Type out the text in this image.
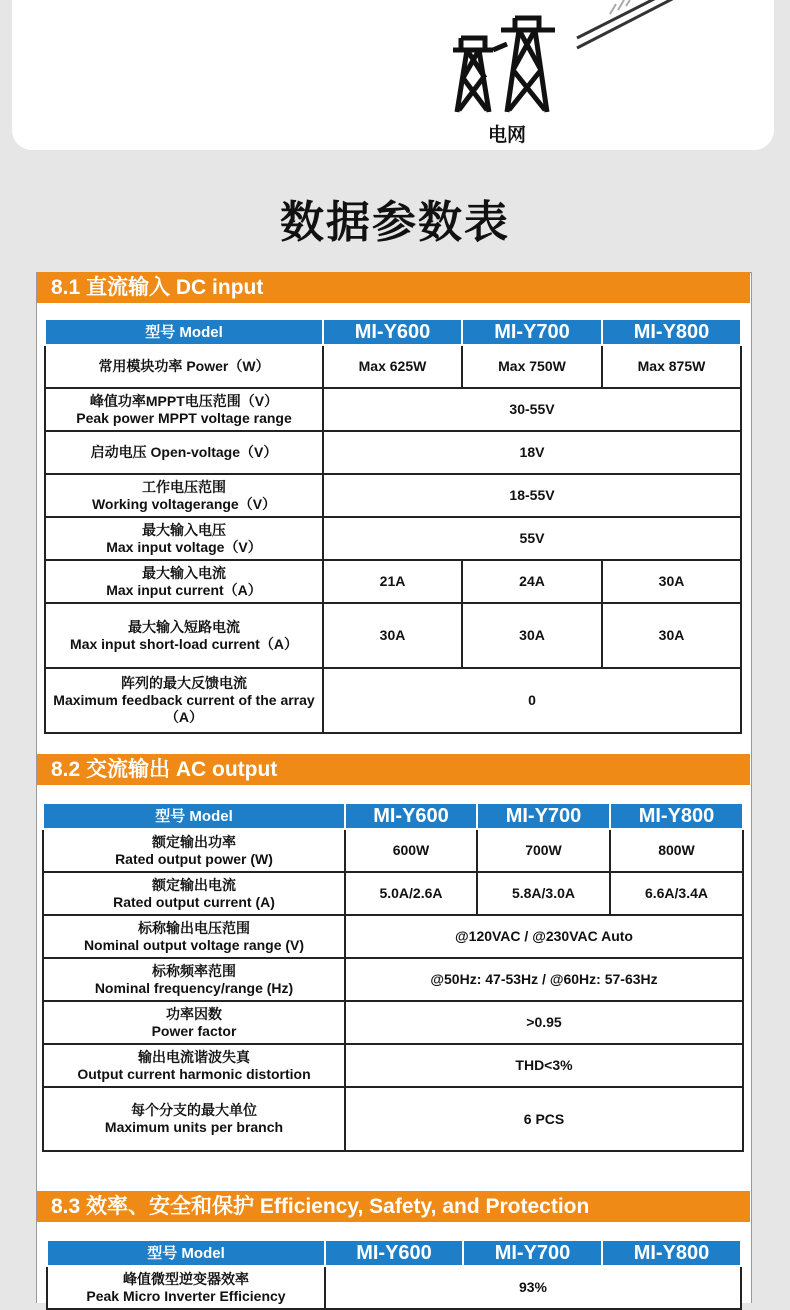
电网
数据参数表
8.1 直流输入 DC input
型号 Model	MI-Y600	MI-Y700	MI-Y800

常用模块功率 Power（W）	Max 625W	Max 750W	Max 875W

峰值功率MPPT电压范围（V）
Peak power MPPT voltage range	30-55V		

启动电压 Open-voltage（V）	18V		

工作电压范围
Working voltagerange（V）	18-55V		

最大输入电压
Max input voltage（V）	55V		

最大输入电流
Max input current（A）	21A	24A	30A

最大输入短路电流
Max input short-load current（A）	30A	30A	30A

阵列的最大反馈电流
Maximum feedback current of the array（A）	0		
8.2 交流输出 AC output
型号 Model	MI-Y600	MI-Y700	MI-Y800

额定输出功率
Rated output power (W)	600W	700W	800W

额定输出电流
Rated output current (A)	5.0A/2.6A	5.8A/3.0A	6.6A/3.4A

标称输出电压范围
Nominal output voltage range (V)	@120VAC / @230VAC Auto		

标称频率范围
Nominal frequency/range (Hz)	@50Hz: 47-53Hz / @60Hz: 57-63Hz		

功率因数
Power factor	>0.95		

输出电流谐波失真
Output current harmonic distortion	THD<3%		

每个分支的最大单位
Maximum units per branch	6 PCS		
8.3 效率、安全和保护 Efficiency, Safety, and Protection
型号 Model	MI-Y600	MI-Y700	MI-Y800

峰值微型逆变器效率
Peak Micro Inverter Efficiency	93%		
